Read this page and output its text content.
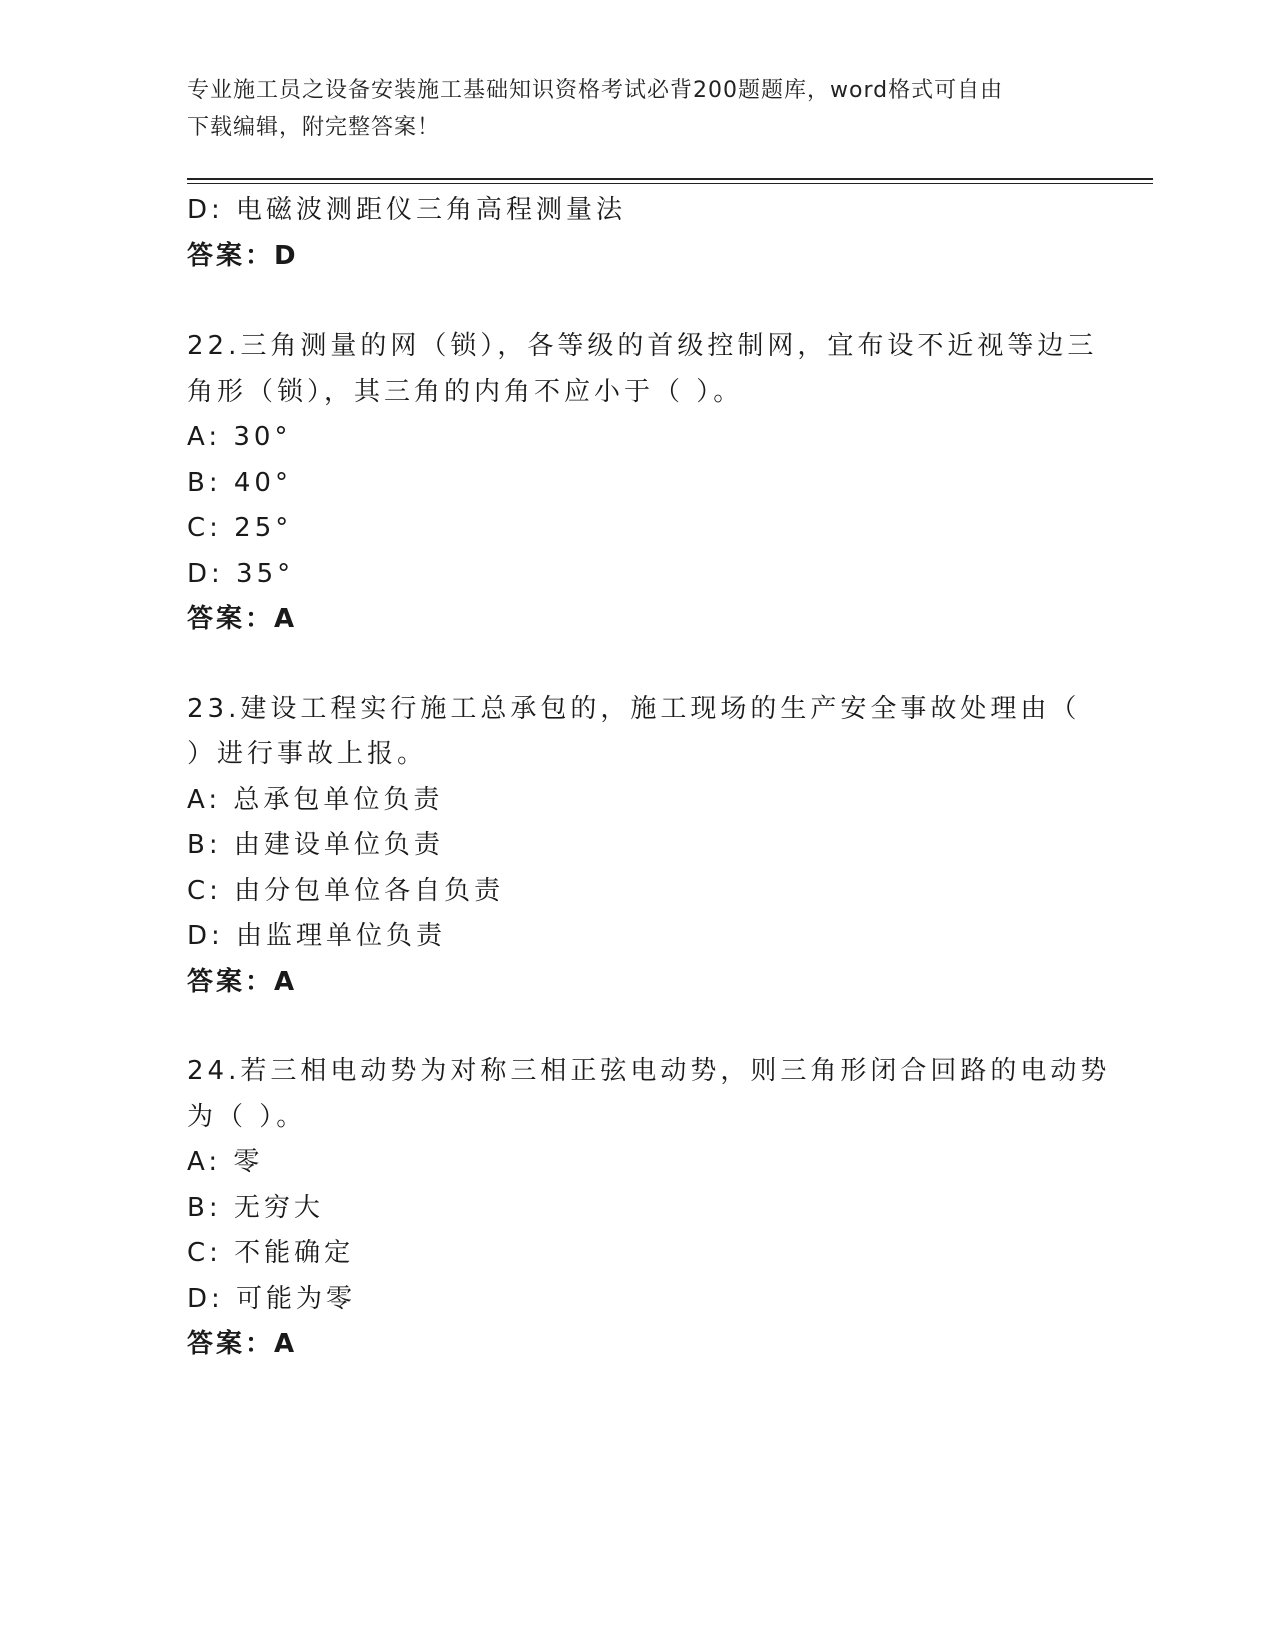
专业施工员之设备安装施工基础知识资格考试必背200题题库，word格式可自由
下载编辑，附完整答案！
D: 电磁波测距仪三角高程测量法
答案：D
22.三角测量的网（锁），各等级的首级控制网，宜布设不近视等边三
角形（锁），其三角的内角不应小于（ ）。
A: 30°
B: 40°
C: 25°
D: 35°
答案：A
23.建设工程实行施工总承包的，施工现场的生产安全事故处理由（
）进行事故上报。
A: 总承包单位负责
B: 由建设单位负责
C: 由分包单位各自负责
D: 由监理单位负责
答案：A
24.若三相电动势为对称三相正弦电动势，则三角形闭合回路的电动势
为（ ）。
A: 零
B: 无穷大
C: 不能确定
D: 可能为零
答案：A
